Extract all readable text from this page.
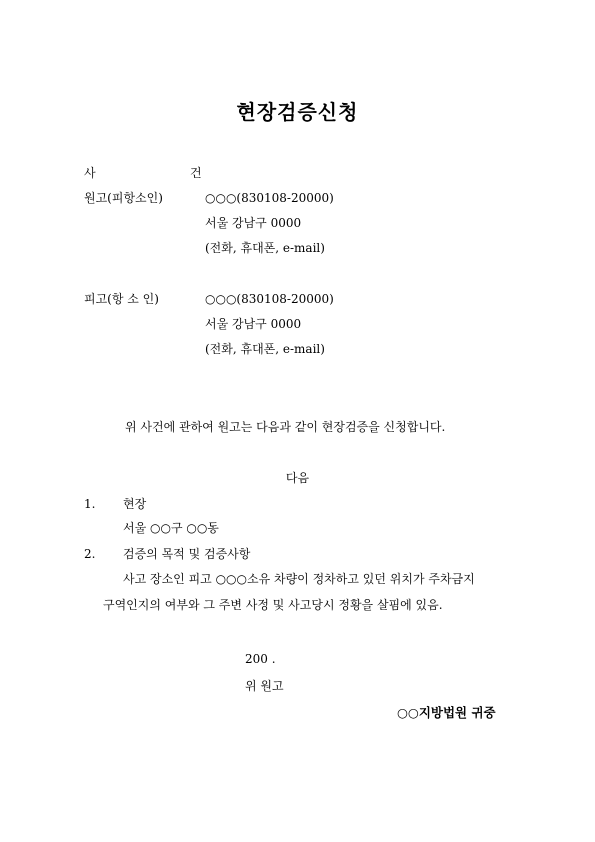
현장검증신청
사	건
원고(피항소인)	○○○(830108-20000)
서울 강남구 0000
(전화, 휴대폰, e-mail)
피고(항 소 인)	○○○(830108-20000)
서울 강남구 0000
(전화, 휴대폰, e-mail)
위 사건에 관하여 원고는 다음과 같이 현장검증을 신청합니다.
다음
1. 현장
서울 ○○구 ○○동
2. 검증의 목적 및 검증사항
사고 장소인 피고 ○○○소유 차량이 정차하고 있던 위치가 주차금지
구역인지의 여부와 그 주변 사정 및 사고당시 정황을 살핌에 있음.
200 .
위 원고
○○지방법원 귀중
